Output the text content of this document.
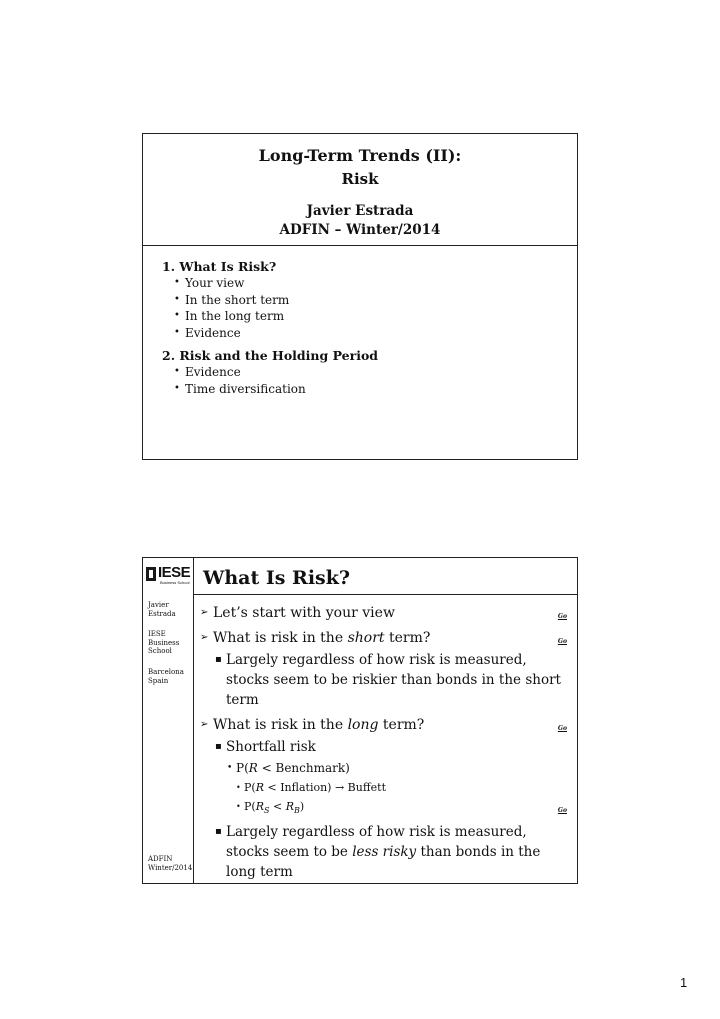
Long-Term Trends (II):
Risk
Javier Estrada
ADFIN – Winter/2014
1. What Is Risk?
• Your view
• In the short term
• In the long term
• Evidence
2. Risk and the Holding Period
• Evidence
• Time diversification
IESE
Business School
Javier
Estrada
IESE
Business
School
Barcelona
Spain
ADFIN
Winter/2014
What Is Risk?
➢ Let’s start with your view	Go
➢ What is risk in the short term?	Go
▪ Largely regardless of how risk is measured, stocks seem to be riskier than bonds in the short term
➢ What is risk in the long term?	Go
▪ Shortfall risk
• P(R < Benchmark)
• P(R < Inflation) → Buffett
• $P(R_S < R_B)$	Go
▪ Largely regardless of how risk is measured, stocks seem to be less risky than bonds in the long term
1
